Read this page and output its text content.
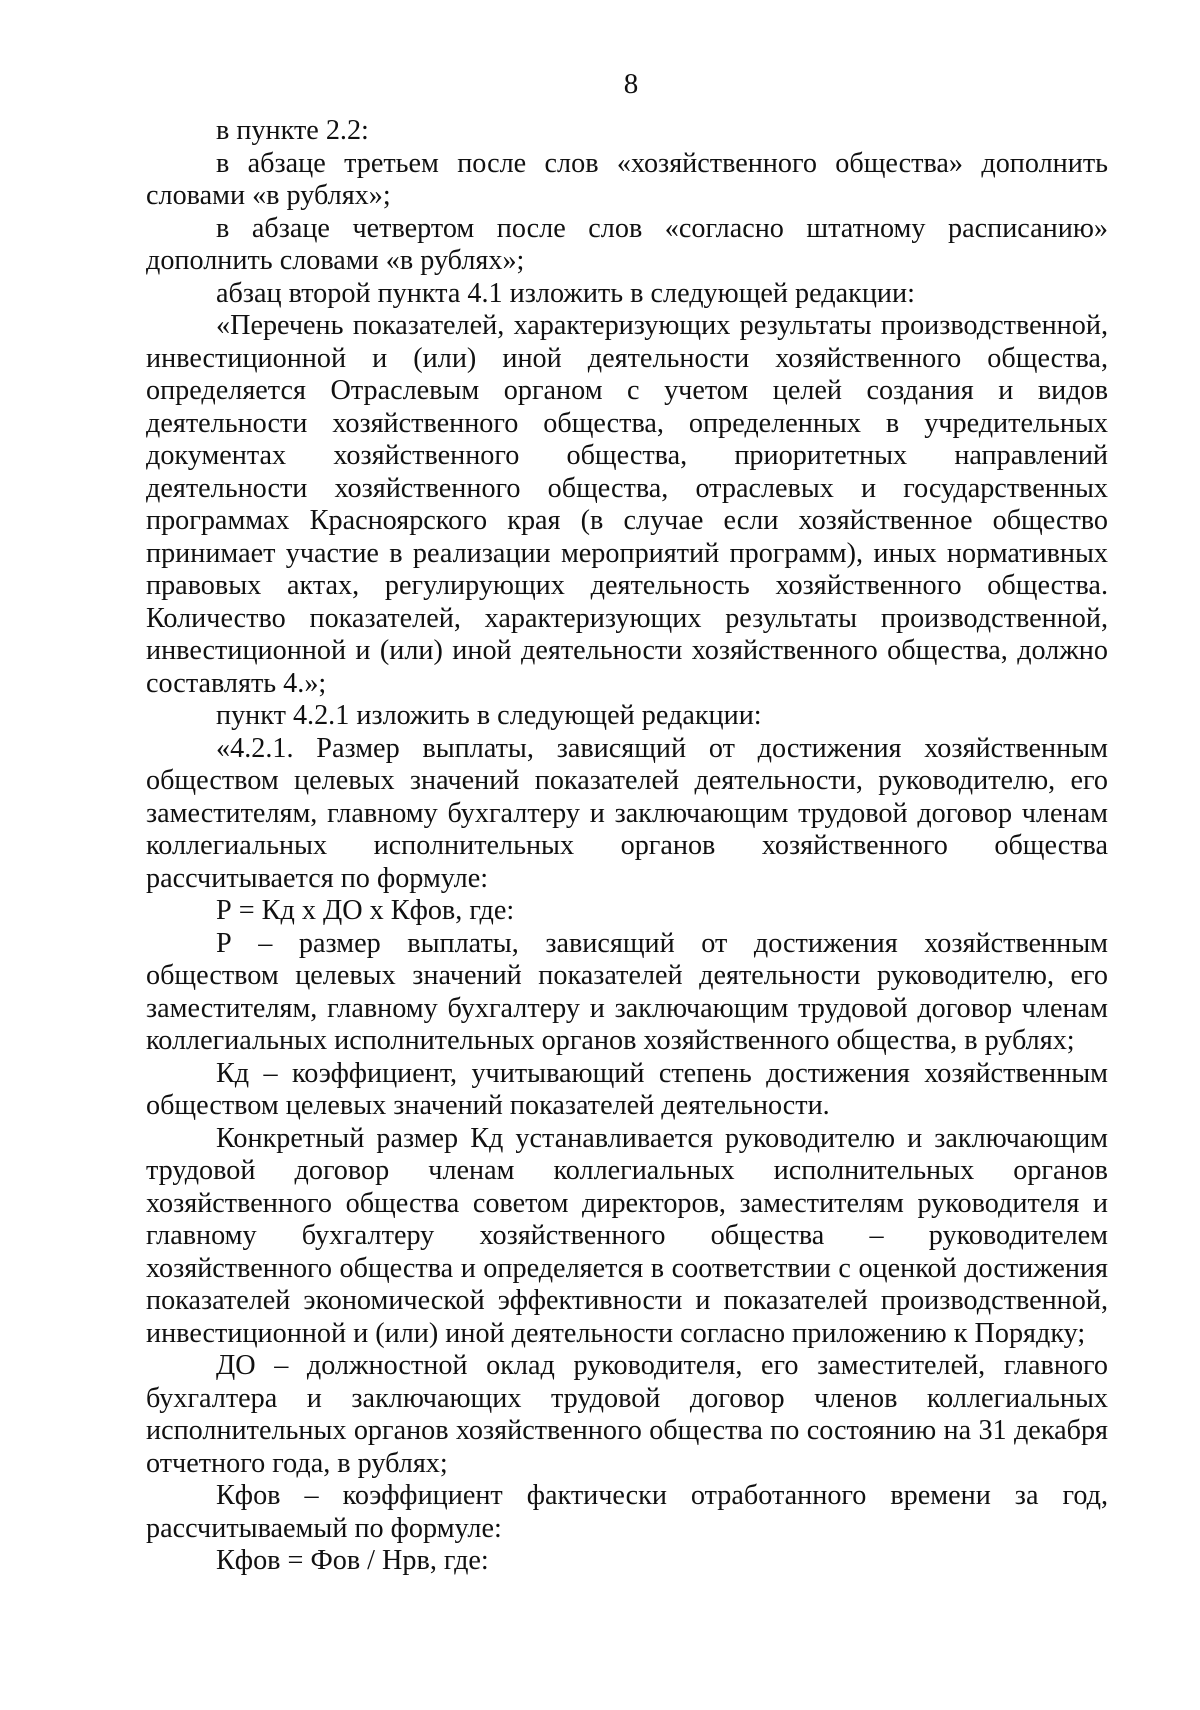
8

в пункте 2.2:

в абзаце третьем после слов «хозяйственного общества» дополнить словами «в рублях»;

в абзаце четвертом после слов «согласно штатному расписанию» дополнить словами «в рублях»;

абзац второй пункта 4.1 изложить в следующей редакции:

«Перечень показателей, характеризующих результаты производственной, инвестиционной и (или) иной деятельности хозяйственного общества, определяется Отраслевым органом с учетом целей создания и видов деятельности хозяйственного общества, определенных в учредительных документах хозяйственного общества, приоритетных направлений деятельности хозяйственного общества, отраслевых и государственных программах Красноярского края (в случае если хозяйственное общество принимает участие в реализации мероприятий программ), иных нормативных правовых актах, регулирующих деятельность хозяйственного общества. Количество показателей, характеризующих результаты производственной, инвестиционной и (или) иной деятельности хозяйственного общества, должно составлять 4.»;

пункт 4.2.1 изложить в следующей редакции:

«4.2.1. Размер выплаты, зависящий от достижения хозяйственным обществом целевых значений показателей деятельности, руководителю, его заместителям, главному бухгалтеру и заключающим трудовой договор членам коллегиальных исполнительных органов хозяйственного общества рассчитывается по формуле:

Р = Кд х ДО х Кфов, где:

Р – размер выплаты, зависящий от достижения хозяйственным обществом целевых значений показателей деятельности руководителю, его заместителям, главному бухгалтеру и заключающим трудовой договор членам коллегиальных исполнительных органов хозяйственного общества, в рублях;

Кд – коэффициент, учитывающий степень достижения хозяйственным обществом целевых значений показателей деятельности.

Конкретный размер Кд устанавливается руководителю и заключающим трудовой договор членам коллегиальных исполнительных органов хозяйственного общества советом директоров, заместителям руководителя и главному бухгалтеру хозяйственного общества – руководителем хозяйственного общества и определяется в соответствии с оценкой достижения показателей экономической эффективности и показателей производственной, инвестиционной и (или) иной деятельности согласно приложению к Порядку;

ДО – должностной оклад руководителя, его заместителей, главного бухгалтера и заключающих трудовой договор членов коллегиальных исполнительных органов хозяйственного общества по состоянию на 31 декабря отчетного года, в рублях;

Кфов – коэффициент фактически отработанного времени за год, рассчитываемый по формуле:

Кфов = Фов / Нрв, где:
